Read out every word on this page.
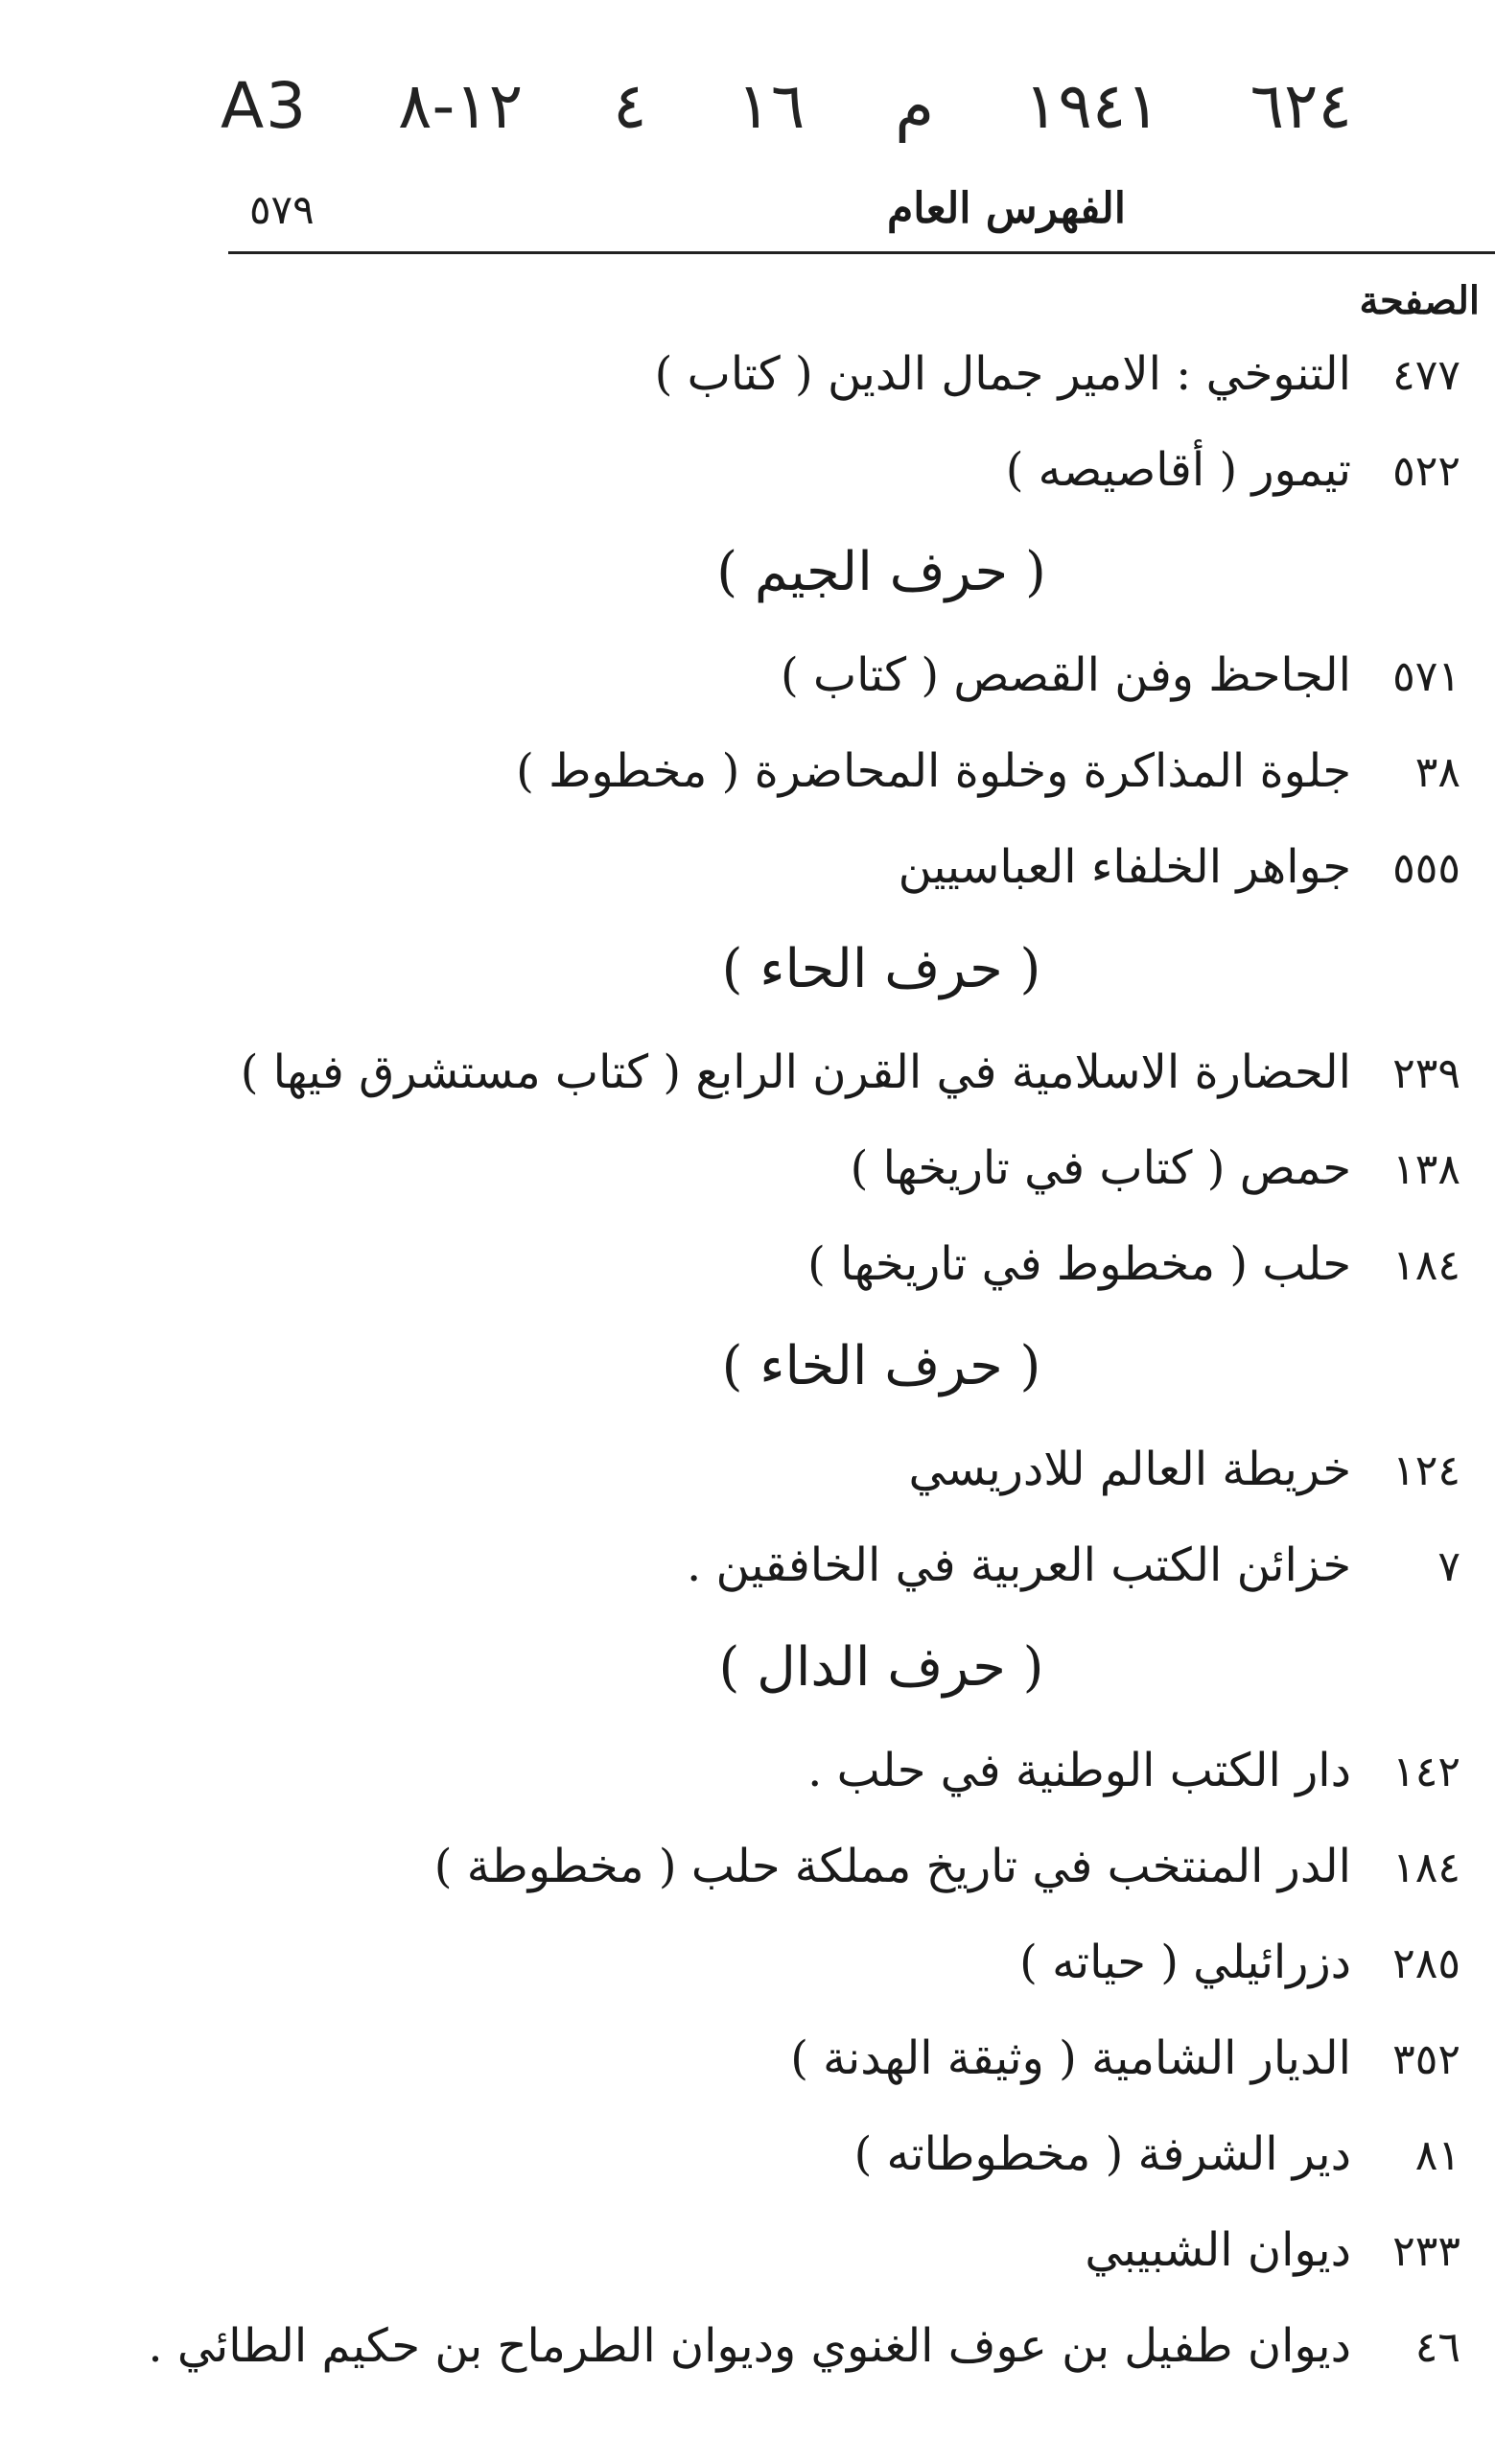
A3 ١٢-٨ ٤ ١٦ م ١٩٤١ ٦٢٤
الفهرس العام
٥٧٩
الصفحة
٤٧٧
التنوخي : الامير جمال الدين ( كتاب )
٥٢٢
تيمور ( أقاصيصه )
( حرف الجيم )
٥٧١
الجاحظ وفن القصص ( كتاب )
٣٨
جلوة المذاكرة وخلوة المحاضرة ( مخطوط )
٥٥٥
جواهر الخلفاء العباسيين
( حرف الحاء )
٢٣٩
الحضارة الاسلامية في القرن الرابع ( كتاب مستشرق فيها )
١٣٨
حمص ( كتاب في تاريخها )
١٨٤
حلب ( مخطوط في تاريخها )
( حرف الخاء )
١٢٤
خريطة العالم للادريسي
٧
خزائن الكتب العربية في الخافقين .
( حرف الدال )
١٤٢
دار الكتب الوطنية في حلب .
١٨٤
الدر المنتخب في تاريخ مملكة حلب ( مخطوطة )
٢٨٥
دزرائيلي ( حياته )
٣٥٢
الديار الشامية ( وثيقة الهدنة )
٨١
دير الشرفة ( مخطوطاته )
٢٣٣
ديوان الشبيبي
٤٦
ديوان طفيل بن عوف الغنوي وديوان الطرماح بن حكيم الطائي .
